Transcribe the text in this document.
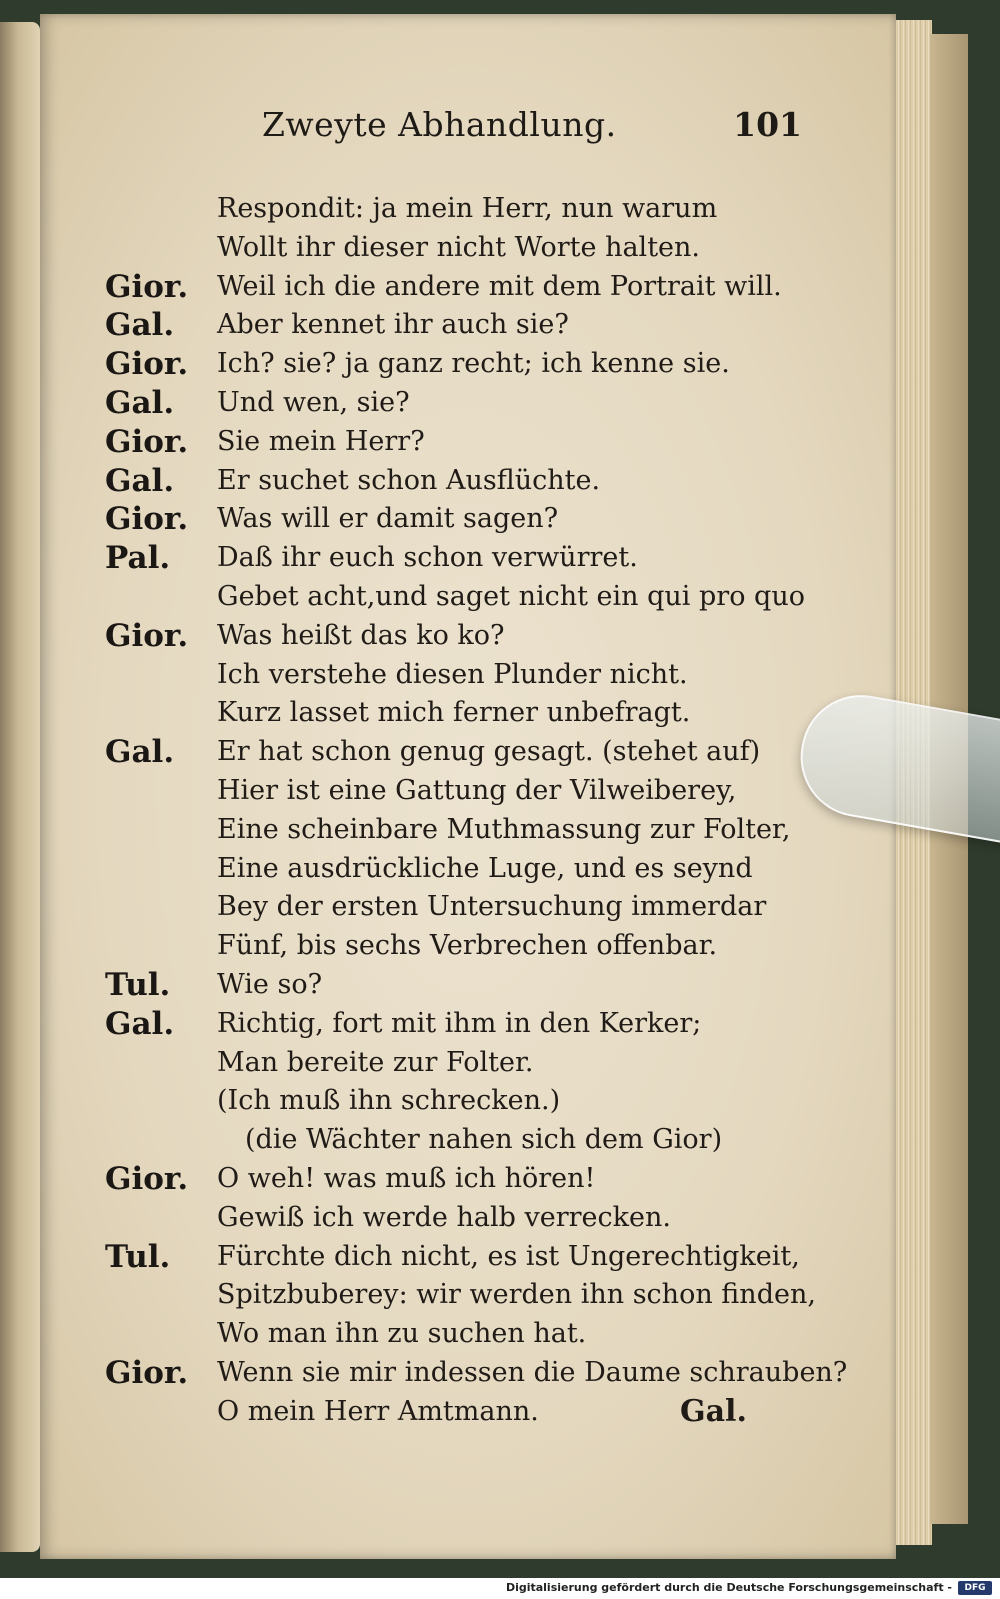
Zweyte Abhandlung.	101
Respondit: ja mein Herr, nun warum
Wollt ihr dieser nicht Worte halten.
Gior. Weil ich die andere mit dem Portrait will.
Gal. Aber kennet ihr auch sie?
Gior. Ich? sie? ja ganz recht; ich kenne sie.
Gal. Und wen, sie?
Gior. Sie mein Herr?
Gal. Er suchet schon Ausflüchte.
Gior. Was will er damit sagen?
Pal. Daß ihr euch schon verwürret.
Gebet acht,und saget nicht ein qui pro quo
Gior. Was heißt das ko ko?
Ich verstehe diesen Plunder nicht.
Kurz lasset mich ferner unbefragt.
Gal. Er hat schon genug gesagt. (stehet auf)
Hier ist eine Gattung der Vilweiberey,
Eine scheinbare Muthmassung zur Folter,
Eine ausdrückliche Luge, und es seynd
Bey der ersten Untersuchung immerdar
Fünf, bis sechs Verbrechen offenbar.
Tul. Wie so?
Gal. Richtig, fort mit ihm in den Kerker;
Man bereite zur Folter.
(Ich muß ihn schrecken.)
(die Wächter nahen sich dem Gior)
Gior. O weh! was muß ich hören!
Gewiß ich werde halb verrecken.
Tul. Fürchte dich nicht, es ist Ungerechtigkeit,
Spitzbuberey: wir werden ihn schon finden,
Wo man ihn zu suchen hat.
Gior. Wenn sie mir indessen die Daume schrauben?
O mein Herr Amtmann.	Gal.
Digitalisierung gefördert durch die Deutsche Forschungsgemeinschaft -	DFG
